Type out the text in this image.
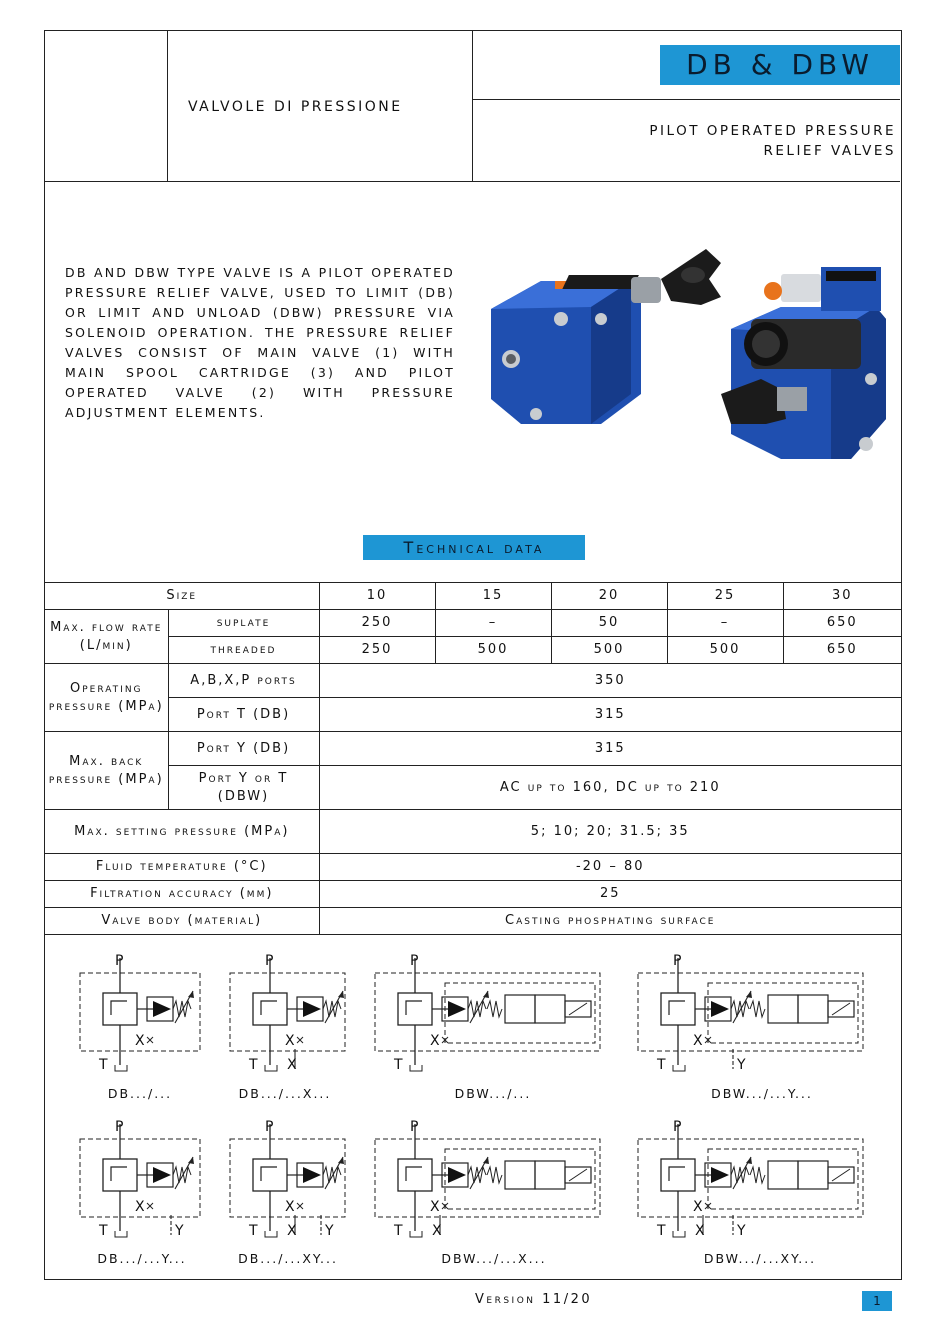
VALVOLE DI PRESSIONE
DB & DBW
PILOT OPERATED PRESSURE
RELIEF VALVES

DB AND DBW TYPE VALVE IS A PILOT OPERATED PRESSURE RELIEF VALVE, USED TO LIMIT (DB) OR LIMIT AND UNLOAD (DBW) PRESSURE VIA SOLENOID OPERATION. THE PRESSURE RELIEF VALVES CONSIST OF MAIN VALVE (1) WITH MAIN SPOOL CARTRIDGE (3) AND PILOT OPERATED VALVE (2) WITH PRESSURE ADJUSTMENT ELEMENTS.

Technical data
Size		10	15	20	25	30
Max. flow rate (L/min)	suplate	250	–	50	–	650
	threaded	250	500	500	500	650
Operating pressure (MPa)	A,B,X,P ports	350				
	Port T (DB)	315				
Max. back pressure (MPa)	Port Y (DB)	315				
	Port Y or T (DBW)	AC up to 160, DC up to 210				
Max. setting pressure (MPa)		5; 10; 20; 31.5; 35				
Fluid temperature (°C)		-20 – 80				
Filtration accuracy (μm)		25				
Valve body (material)		Casting phosphating surface				
P
T
X
P
T
X
X
P
T
X
P
T
X
Y
P
T
X
Y
P
T
X
X Y
P
T
X
X
P
T
X
X Y
DB.../...	DB.../...X...	DBW.../...	DBW.../...Y...
DB.../...Y...	DB.../...XY...	DBW.../...X...	DBW.../...XY...
Version 11/20	1
